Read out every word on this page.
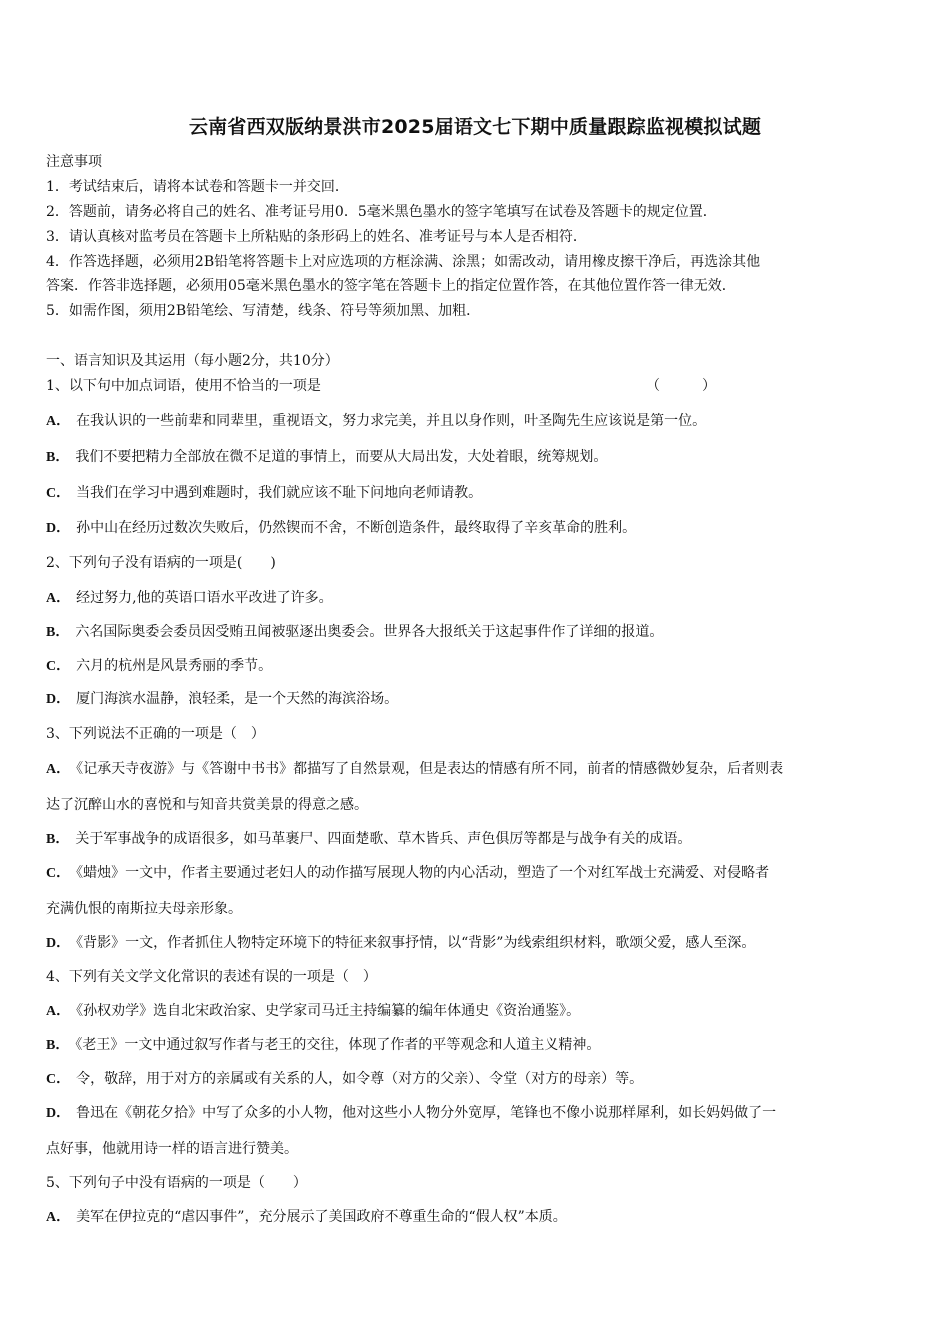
云南省西双版纳景洪市2025届语文七下期中质量跟踪监视模拟试题
注意事项
1．考试结束后，请将本试卷和答题卡一并交回．
2．答题前，请务必将自己的姓名、准考证号用0．5毫米黑色墨水的签字笔填写在试卷及答题卡的规定位置．
3．请认真核对监考员在答题卡上所粘贴的条形码上的姓名、准考证号与本人是否相符．
4．作答选择题，必须用2B铅笔将答题卡上对应选项的方框涂满、涂黑；如需改动，请用橡皮擦干净后，再选涂其他
答案．作答非选择题，必须用05毫米黑色墨水的签字笔在答题卡上的指定位置作答，在其他位置作答一律无效．
5．如需作图，须用2B铅笔绘、写清楚，线条、符号等须加黑、加粗．
一、语言知识及其运用（每小题2分，共10分）
1、以下句中加点词语，使用不恰当的一项是	（　　　）
A． 在我认识的一些前辈和同辈里，重视语文，努力求完美，并且以身作则，叶圣陶先生应该说是第一位。
B． 我们不要把精力全部放在微不足道的事情上，而要从大局出发，大处着眼，统筹规划。
C． 当我们在学习中遇到难题时，我们就应该不耻下问地向老师请教。
D． 孙中山在经历过数次失败后，仍然锲而不舍，不断创造条件，最终取得了辛亥革命的胜利。
2、下列句子没有语病的一项是(　　)
A． 经过努力,他的英语口语水平改进了许多。
B． 六名国际奥委会委员因受贿丑闻被驱逐出奥委会。世界各大报纸关于这起事件作了详细的报道。
C． 六月的杭州是风景秀丽的季节。
D． 厦门海滨水温静，浪轻柔，是一个天然的海滨浴场。
3、下列说法不正确的一项是（　）
A． 《记承天寺夜游》与《答谢中书书》都描写了自然景观，但是表达的情感有所不同，前者的情感微妙复杂，后者则表
达了沉醉山水的喜悦和与知音共赏美景的得意之感。
B． 关于军事战争的成语很多，如马革裹尸、四面楚歌、草木皆兵、声色俱厉等都是与战争有关的成语。
C． 《蜡烛》一文中，作者主要通过老妇人的动作描写展现人物的内心活动，塑造了一个对红军战士充满爱、对侵略者
充满仇恨的南斯拉夫母亲形象。
D． 《背影》一文，作者抓住人物特定环境下的特征来叙事抒情，以“背影”为线索组织材料，歌颂父爱，感人至深。
4、下列有关文学文化常识的表述有误的一项是（　）
A． 《孙权劝学》选自北宋政治家、史学家司马迁主持编纂的编年体通史《资治通鉴》。
B． 《老王》一文中通过叙写作者与老王的交往，体现了作者的平等观念和人道主义精神。
C． 令，敬辞，用于对方的亲属或有关系的人，如令尊（对方的父亲）、令堂（对方的母亲）等。
D． 鲁迅在《朝花夕拾》中写了众多的小人物，他对这些小人物分外宽厚，笔锋也不像小说那样犀利，如长妈妈做了一
点好事，他就用诗一样的语言进行赞美。
5、下列句子中没有语病的一项是（　　）
A． 美军在伊拉克的“虐囚事件”，充分展示了美国政府不尊重生命的“假人权”本质。
